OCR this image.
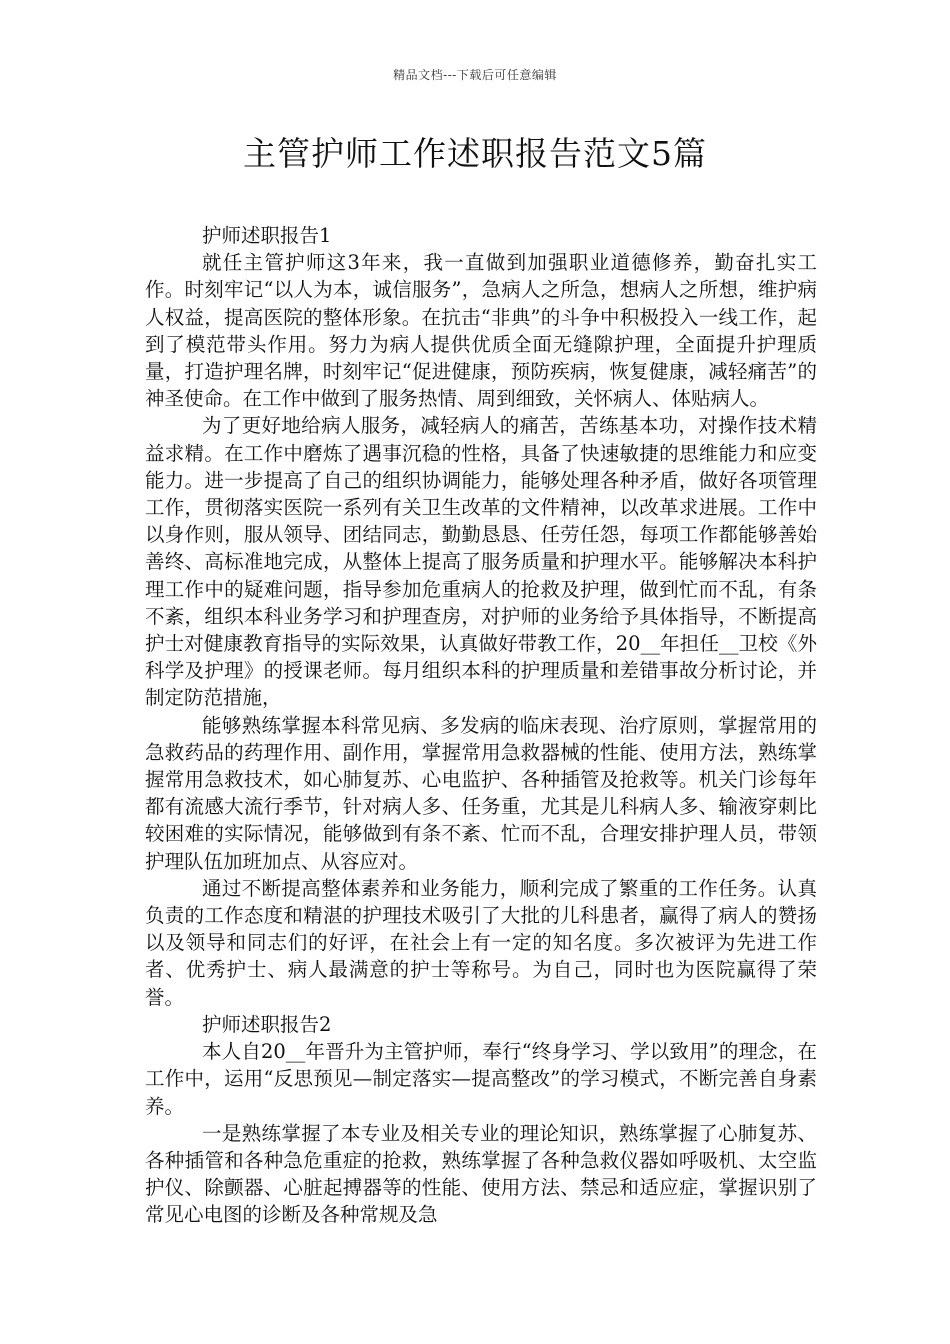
精品文档---下载后可任意编辑
主管护师工作述职报告范文5篇
护师述职报告1

就任主管护师这3年来，我一直做到加强职业道德修养，勤奋扎实工作。时刻牢记“以人为本，诚信服务”，急病人之所急，想病人之所想，维护病人权益，提高医院的整体形象。在抗击“非典”的斗争中积极投入一线工作，起到了模范带头作用。努力为病人提供优质全面无缝隙护理，全面提升护理质量，打造护理名牌，时刻牢记“促进健康，预防疾病，恢复健康，减轻痛苦”的神圣使命。在工作中做到了服务热情、周到细致，关怀病人、体贴病人。

为了更好地给病人服务，减轻病人的痛苦，苦练基本功，对操作技术精益求精。在工作中磨炼了遇事沉稳的性格，具备了快速敏捷的思维能力和应变能力。进一步提高了自己的组织协调能力，能够处理各种矛盾，做好各项管理工作，贯彻落实医院一系列有关卫生改革的文件精神，以改革求进展。工作中以身作则，服从领导、团结同志，勤勤恳恳、任劳任怨，每项工作都能够善始善终、高标准地完成，从整体上提高了服务质量和护理水平。能够解决本科护理工作中的疑难问题，指导参加危重病人的抢救及护理，做到忙而不乱，有条不紊，组织本科业务学习和护理查房，对护师的业务给予具体指导，不断提高护士对健康教育指导的实际效果，认真做好带教工作，20__年担任__卫校《外科学及护理》的授课老师。每月组织本科的护理质量和差错事故分析讨论，并制定防范措施，

能够熟练掌握本科常见病、多发病的临床表现、治疗原则，掌握常用的急救药品的药理作用、副作用，掌握常用急救器械的性能、使用方法，熟练掌握常用急救技术，如心肺复苏、心电监护、各种插管及抢救等。机关门诊每年都有流感大流行季节，针对病人多、任务重，尤其是儿科病人多、输液穿刺比较困难的实际情况，能够做到有条不紊、忙而不乱，合理安排护理人员，带领护理队伍加班加点、从容应对。

通过不断提高整体素养和业务能力，顺利完成了繁重的工作任务。认真负责的工作态度和精湛的护理技术吸引了大批的儿科患者，赢得了病人的赞扬以及领导和同志们的好评，在社会上有一定的知名度。多次被评为先进工作者、优秀护士、病人最满意的护士等称号。为自己，同时也为医院赢得了荣誉。

护师述职报告2

本人自20__年晋升为主管护师，奉行“终身学习、学以致用”的理念，在工作中，运用“反思预见—制定落实—提高整改”的学习模式，不断完善自身素养。

一是熟练掌握了本专业及相关专业的理论知识，熟练掌握了心肺复苏、各种插管和各种急危重症的抢救，熟练掌握了各种急救仪器如呼吸机、太空监护仪、除颤器、心脏起搏器等的性能、使用方法、禁忌和适应症，掌握识别了常见心电图的诊断及各种常规及急
